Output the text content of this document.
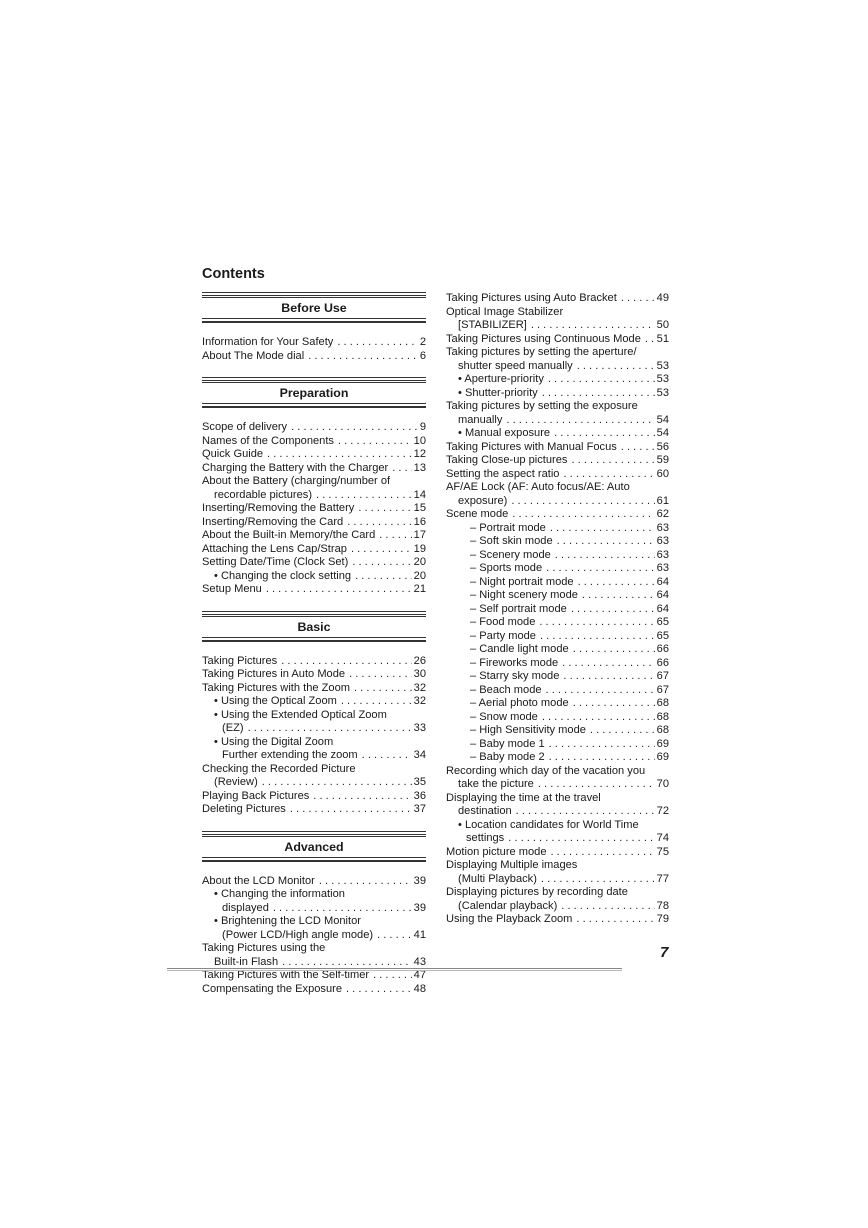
Contents
Before Use
Information for Your Safety . . .	2
About The Mode dial . . .	6
Preparation
Scope of delivery . . .	9
Names of the Components . . .	10
Quick Guide . . .	12
Charging the Battery with the Charger . . . 13
About the Battery (charging/number of
recordable pictures) . . .	14
Inserting/Removing the Battery . . .	15
Inserting/Removing the Card . . .	16
About the Built-in Memory/the Card . . .	17
Attaching the Lens Cap/Strap . . .	19
Setting Date/Time (Clock Set) . . .	20
• Changing the clock setting . . .	20
Setup Menu . . .	21
Basic
Taking Pictures . . .	26
Taking Pictures in Auto Mode . . .	30
Taking Pictures with the Zoom . . .	32
• Using the Optical Zoom . . .	32
• Using the Extended Optical Zoom
(EZ) . . .	33
• Using the Digital Zoom
Further extending the zoom . . .	34
Checking the Recorded Picture
(Review) . . .	35
Playing Back Pictures . . .	36
Deleting Pictures . . .	37
Advanced
About the LCD Monitor . . .	39
• Changing the information
displayed . . .	39
• Brightening the LCD Monitor
(Power LCD/High angle mode) . . .	41
Taking Pictures using the
Built-in Flash . . .	43
Taking Pictures with the Self-timer . . .	47
Compensating the Exposure . . .	48
Taking Pictures using Auto Bracket . . .	49
Optical Image Stabilizer
[STABILIZER] . . .	50
Taking Pictures using Continuous Mode . . . 51
Taking pictures by setting the aperture/
shutter speed manually . . .	53
• Aperture-priority . . .	53
• Shutter-priority . . .	53
Taking pictures by setting the exposure
manually . . .	54
• Manual exposure . . .	54
Taking Pictures with Manual Focus . . .	56
Taking Close-up pictures . . .	59
Setting the aspect ratio . . .	60
AF/AE Lock (AF: Auto focus/AE: Auto
exposure) . . .	61
Scene mode . . .	62
– Portrait mode . . .	63
– Soft skin mode . . .	63
– Scenery mode . . .	63
– Sports mode . . .	63
– Night portrait mode . . .	64
– Night scenery mode . . .	64
– Self portrait mode . . .	64
– Food mode . . .	65
– Party mode . . .	65
– Candle light mode . . .	66
– Fireworks mode . . .	66
– Starry sky mode . . .	67
– Beach mode . . .	67
– Aerial photo mode . . .	68
– Snow mode . . .	68
– High Sensitivity mode . . .	68
– Baby mode 1 . . .	69
– Baby mode 2 . . .	69
Recording which day of the vacation you
take the picture . . .	70
Displaying the time at the travel
destination . . .	72
• Location candidates for World Time
settings . . .	74
Motion picture mode . . .	75
Displaying Multiple images
(Multi Playback) . . .	77
Displaying pictures by recording date
(Calendar playback) . . .	78
Using the Playback Zoom . . .	79
7
